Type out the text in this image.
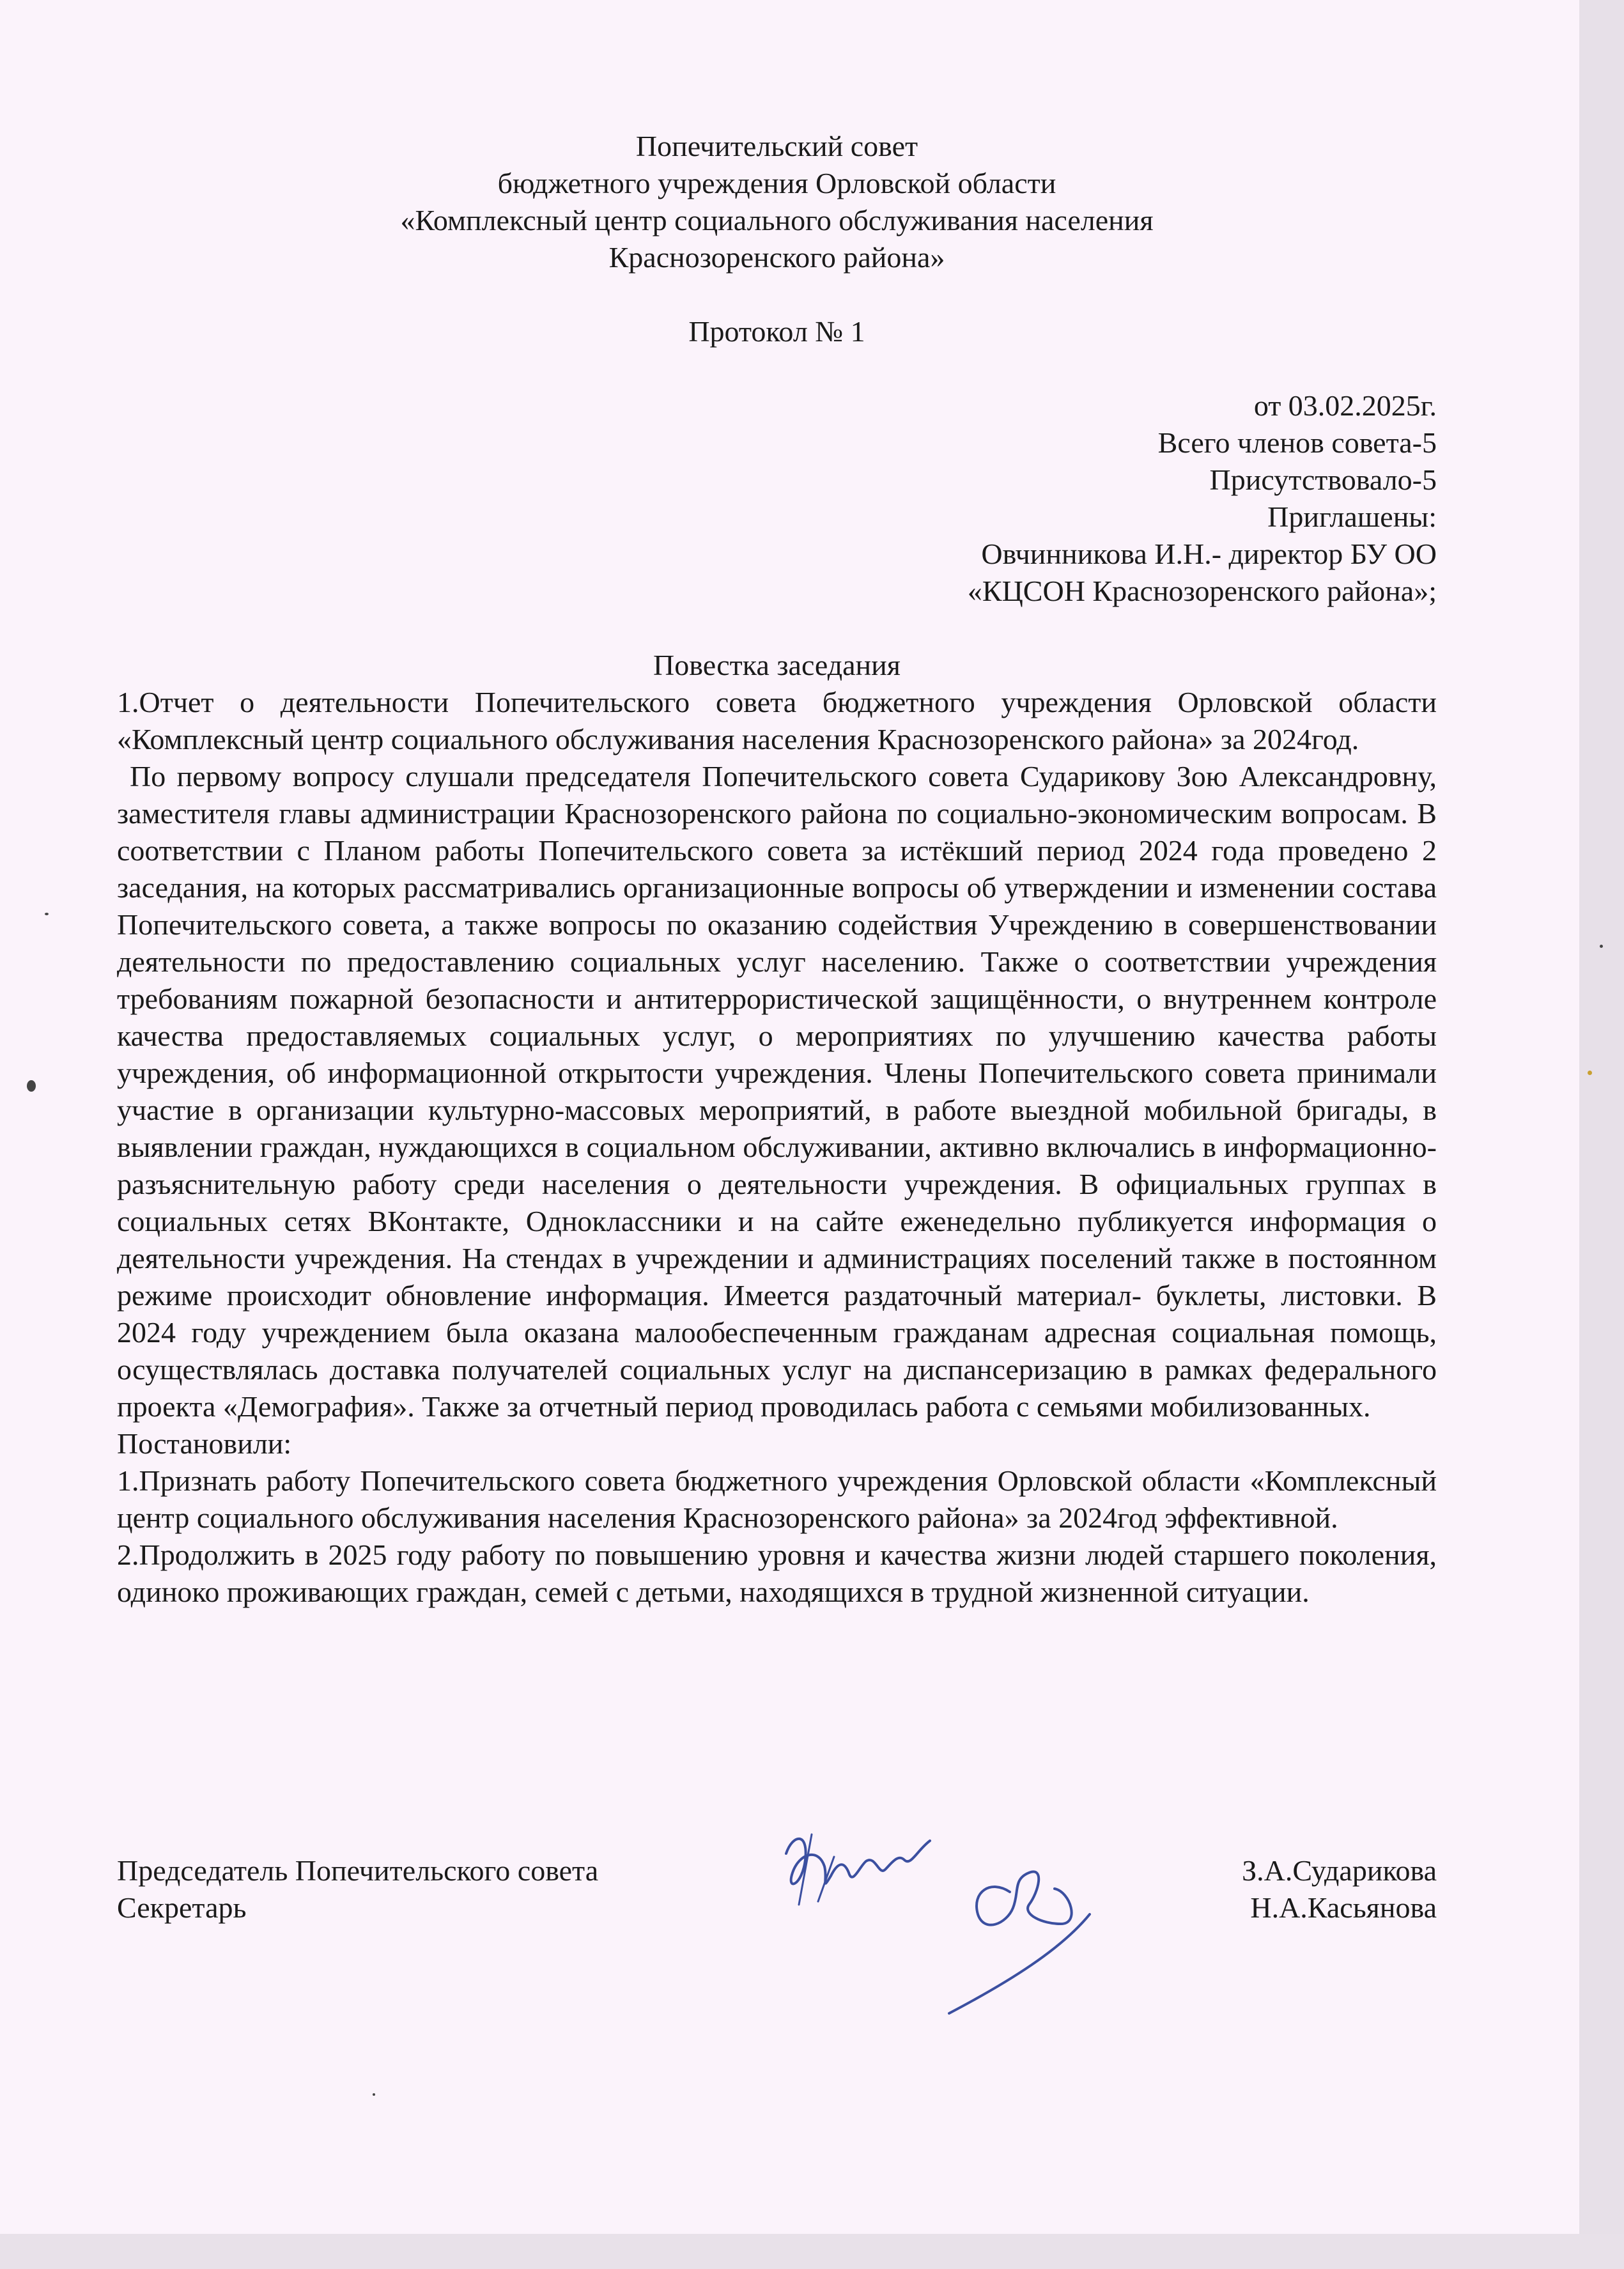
Попечительский совет
бюджетного учреждения Орловской области
«Комплексный центр социального обслуживания населения
Краснозоренского района»
Протокол № 1
от 03.02.2025г.
Всего членов совета-5
Присутствовало-5
Приглашены:
Овчинникова И.Н.- директор БУ ОО
«КЦСОН Краснозоренского района»;
Повестка заседания
1.Отчет о деятельности Попечительского совета бюджетного учреждения Орловской области «Комплексный центр социального обслуживания населения Краснозоренского района» за 2024год.
По первому вопросу слушали председателя Попечительского совета Сударикову Зою Александровну, заместителя главы администрации Краснозоренского района по социально-экономическим вопросам. В соответствии с Планом работы Попечительского совета за истёкший период 2024 года проведено 2 заседания, на которых рассматривались организационные вопросы об утверждении и изменении состава Попечительского совета, а также вопросы по оказанию содействия Учреждению в совершенствовании деятельности по предоставлению социальных услуг населению. Также о соответствии учреждения требованиям пожарной безопасности и антитеррористической защищённости, о внутреннем контроле качества предоставляемых социальных услуг, о мероприятиях по улучшению качества работы учреждения, об информационной открытости учреждения. Члены Попечительского совета принимали участие в организации культурно-массовых мероприятий, в работе выездной мобильной бригады, в выявлении граждан, нуждающихся в социальном обслуживании, активно включались в информационно-разъяснительную работу среди населения о деятельности учреждения. В официальных группах в социальных сетях ВКонтакте, Одноклассники и на сайте еженедельно публикуется информация о деятельности учреждения. На стендах в учреждении и администрациях поселений также в постоянном режиме происходит обновление информация. Имеется раздаточный материал- буклеты, листовки. В 2024 году учреждением была оказана малообеспеченным гражданам адресная социальная помощь, осуществлялась доставка получателей социальных услуг на диспансеризацию в рамках федерального проекта «Демография». Также за отчетный период проводилась работа с семьями мобилизованных.
Постановили:
1.Признать работу Попечительского совета бюджетного учреждения Орловской области «Комплексный центр социального обслуживания населения Краснозоренского района» за 2024год эффективной.
2.Продолжить в 2025 году работу по повышению уровня и качества жизни людей старшего поколения, одиноко проживающих граждан, семей с детьми, находящихся в трудной жизненной ситуации.
Председатель Попечительского совета	З.А.Сударикова
Секретарь	Н.А.Касьянова
